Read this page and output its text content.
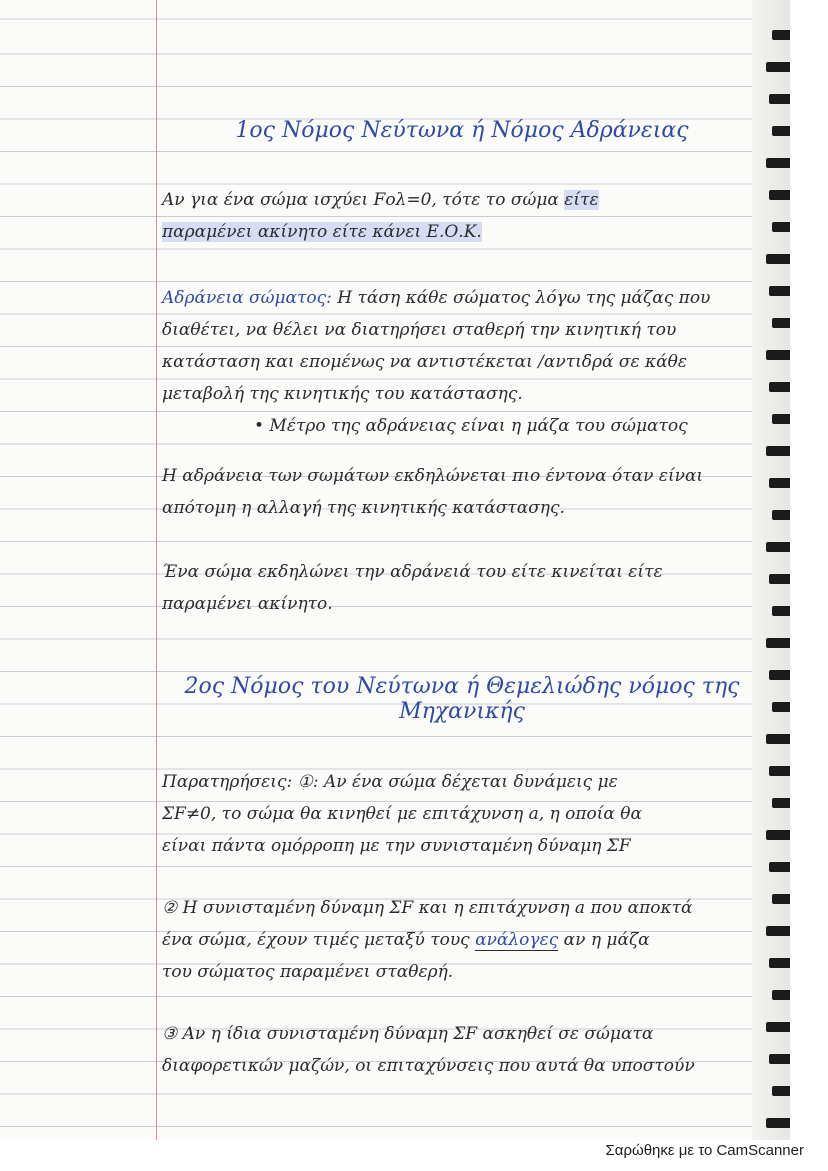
1ος Νόμος Νεύτωνα ή Νόμος Αδράνειας
Αν για ένα σώμα ισχύει Fολ=0, τότε το σώμα είτε
παραμένει ακίνητο είτε κάνει Ε.Ο.Κ.
Αδράνεια σώματος: Η τάση κάθε σώματος λόγω της μάζας που
διαθέτει, να θέλει να διατηρήσει σταθερή την κινητική του
κατάσταση και επομένως να αντιστέκεται /αντιδρά σε κάθε
μεταβολή της κινητικής του κατάστασης.
• Μέτρο της αδράνειας είναι η μάζα του σώματος
Η αδράνεια των σωμάτων εκδηλώνεται πιο έντονα όταν είναι
απότομη η αλλαγή της κινητικής κατάστασης.
Ένα σώμα εκδηλώνει την αδράνειά του είτε κινείται είτε
παραμένει ακίνητο.
2ος Νόμος του Νεύτωνα ή Θεμελιώδης νόμος της
Μηχανικής
Παρατηρήσεις: ①: Αν ένα σώμα δέχεται δυνάμεις με
ΣF≠0, το σώμα θα κινηθεί με επιτάχυνση a, η οποία θα
είναι πάντα ομόρροπη με την συνισταμένη δύναμη ΣF
② Η συνισταμένη δύναμη ΣF και η επιτάχυνση a που αποκτά
ένα σώμα, έχουν τιμές μεταξύ τους ανάλογες αν η μάζα
του σώματος παραμένει σταθερή.
③ Αν η ίδια συνισταμένη δύναμη ΣF ασκηθεί σε σώματα
διαφορετικών μαζών, οι επιταχύνσεις που αυτά θα υποστούν
Σαρώθηκε με το CamScanner
